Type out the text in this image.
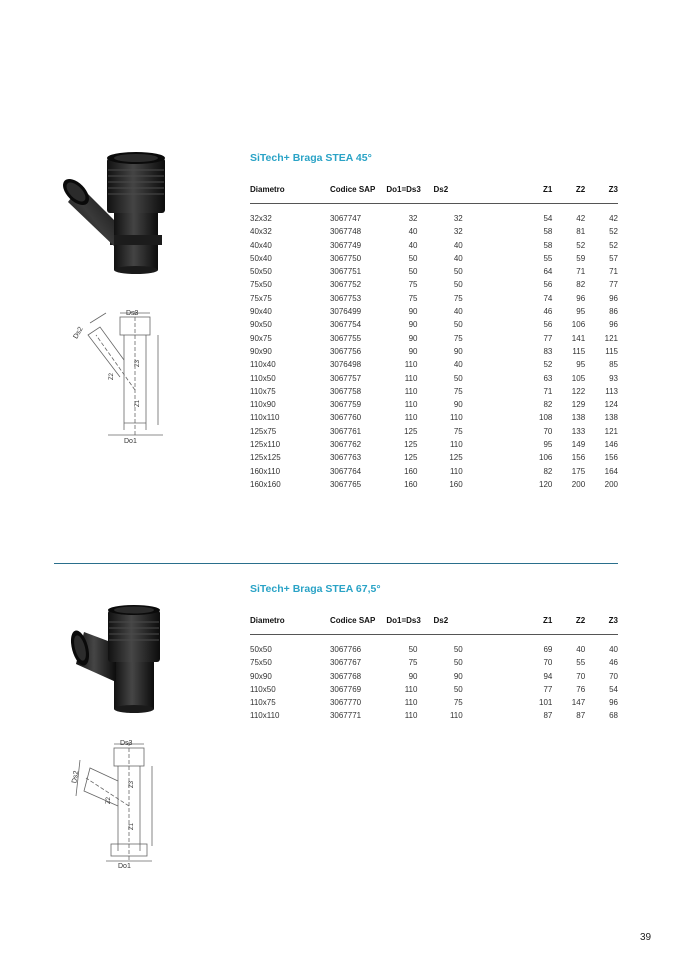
SiTech+ Braga STEA 45°
Diametro	Codice SAP	Do1=Ds3	Ds2	Z1	Z2	Z3
32x32	3067747	32	32	54	42	42
40x32	3067748	40	32	58	81	52
40x40	3067749	40	40	58	52	52
50x40	3067750	50	40	55	59	57
50x50	3067751	50	50	64	71	71
75x50	3067752	75	50	56	82	77
75x75	3067753	75	75	74	96	96
90x40	3076499	90	40	46	95	86
90x50	3067754	90	50	56	106	96
90x75	3067755	90	75	77	141	121
90x90	3067756	90	90	83	115	115
110x40	3076498	110	40	52	95	85
110x50	3067757	110	50	63	105	93
110x75	3067758	110	75	71	122	113
110x90	3067759	110	90	82	129	124
110x110	3067760	110	110	108	138	138
125x75	3067761	125	75	70	133	121
125x110	3067762	125	110	95	149	146
125x125	3067763	125	125	106	156	156
160x110	3067764	160	110	82	175	164
160x160	3067765	160	160	120	200	200
Ds3
Ds2
Do1
Z1
Z2
Z3
SiTech+ Braga STEA 67,5°
Diametro	Codice SAP	Do1=Ds3	Ds2	Z1	Z2	Z3
50x50	3067766	50	50	69	40	40
75x50	3067767	75	50	70	55	46
90x90	3067768	90	90	94	70	70
110x50	3067769	110	50	77	76	54
110x75	3067770	110	75	101	147	96
110x110	3067771	110	110	87	87	68
Ds3
Ds2
Do1
Z1
Z2
Z3
39
